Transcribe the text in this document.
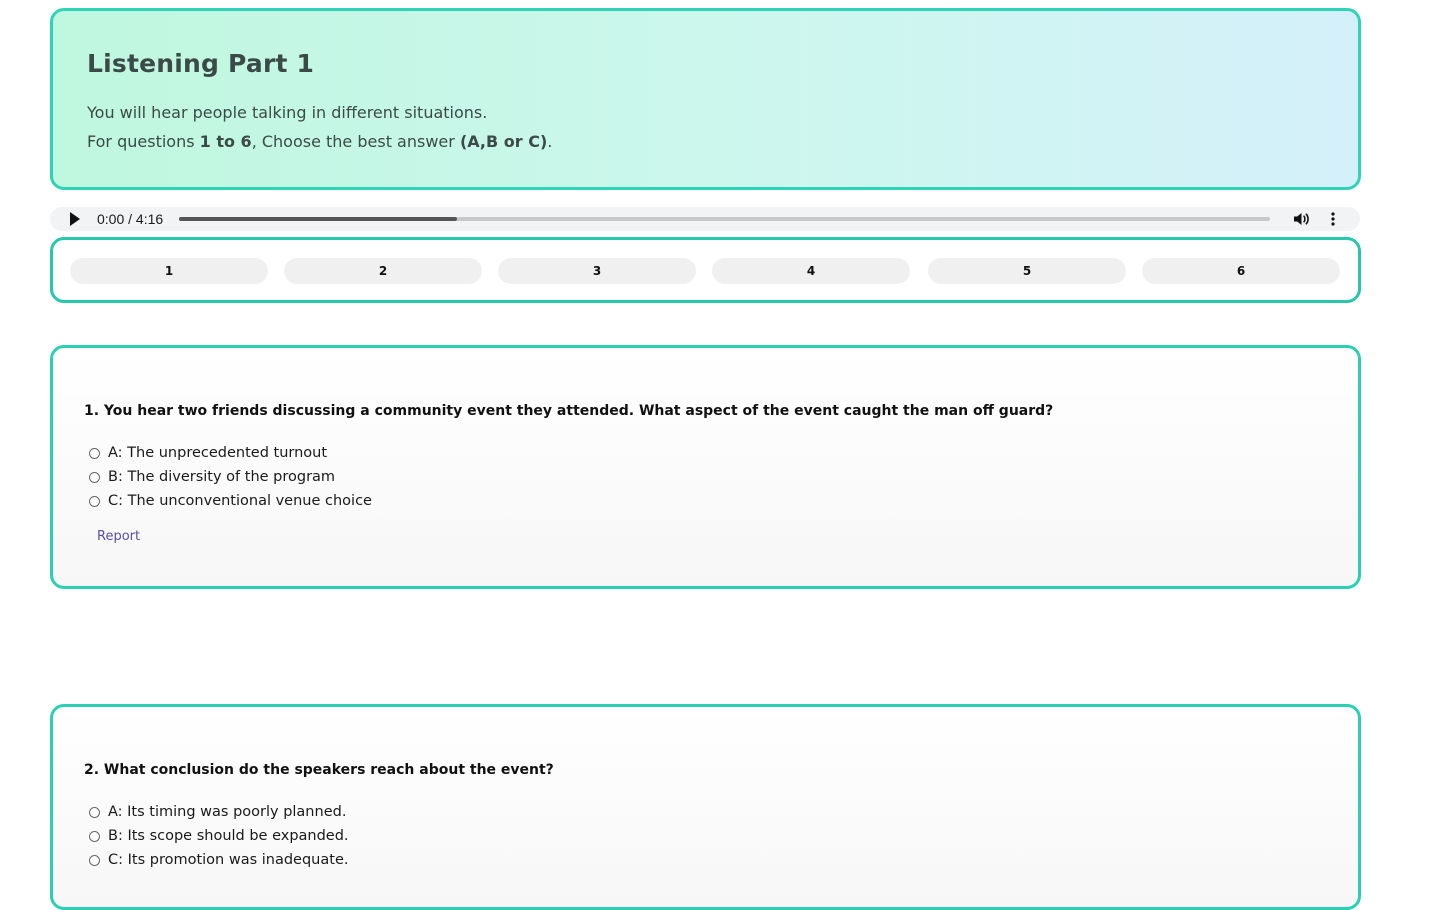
Listening Part 1
You will hear people talking in different situations.
For questions 1 to 6, Choose the best answer (A,B or C).
0:00 / 4:16
1	2	3	4	5	6

1. You hear two friends discussing a community event they attended. What aspect of the event caught the man off guard?

A: The unprecedented turnout
B: The diversity of the program
C: The unconventional venue choice
Report

2. What conclusion do the speakers reach about the event?

A: Its timing was poorly planned.
B: Its scope should be expanded.
C: Its promotion was inadequate.
